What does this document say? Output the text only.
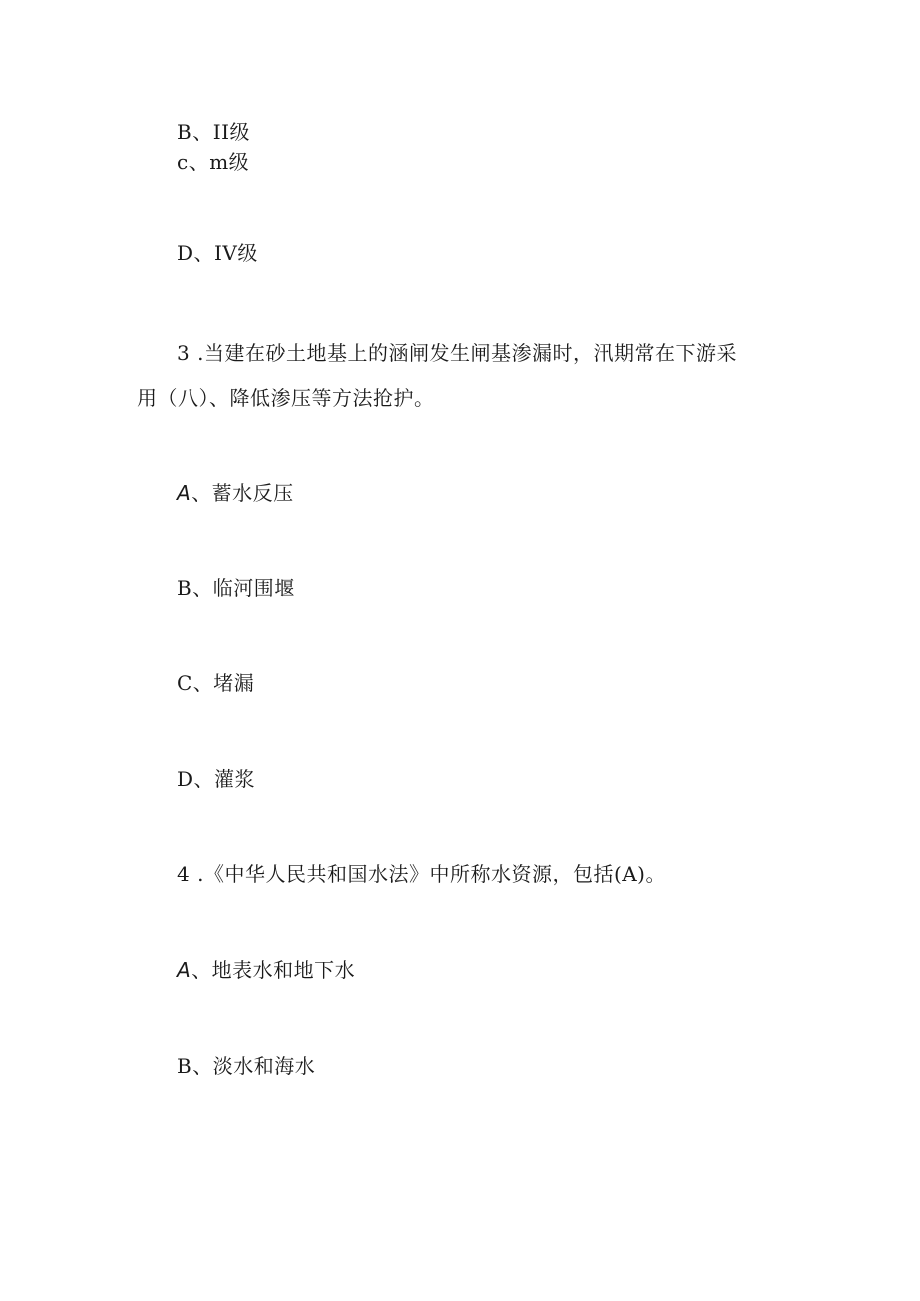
B、II级
c、m级
D、IV级
3 .当建在砂土地基上的涵闸发生闸基渗漏时，汛期常在下游采
用（八）、降低渗压等方法抢护。
A、蓄水反压
B、临河围堰
C、堵漏
D、灌浆
4 .《中华人民共和国水法》中所称水资源，包括(A)。
A、地表水和地下水
B、淡水和海水
